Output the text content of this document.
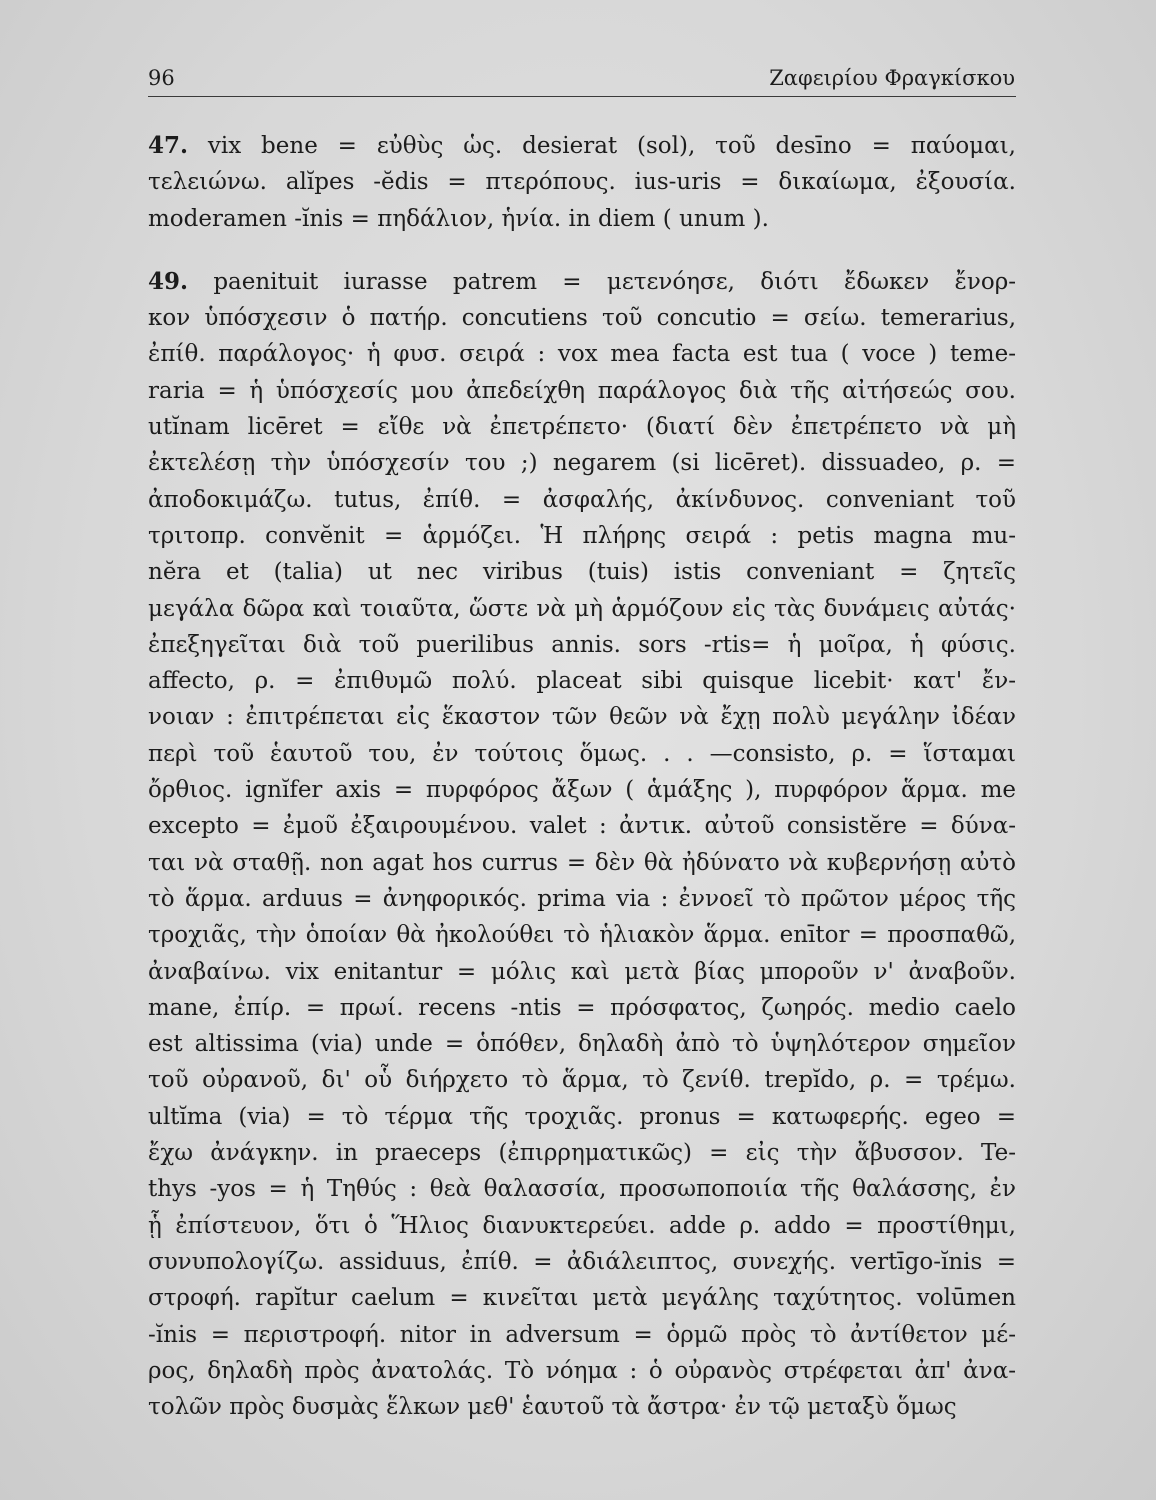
96	Ζαφειρίου Φραγκίσκου
47. vix bene = εὐθὺς ὡς. desierat (sol), τοῦ desīno = παύομαι,
τελειώνω. alĭpes -ĕdis = πτερόπους. ius-uris = δικαίωμα, ἐξουσία.
moderamen -ĭnis = πηδάλιον, ἡνία. in diem ( unum ).
49. paenituit iurasse patrem = μετενόησε, διότι ἔδωκεν ἔνορ-
κον ὑπόσχεσιν ὁ πατήρ. concutiens τοῦ concutio = σείω. temerarius,
ἐπίθ. παράλογος· ἡ φυσ. σειρά : vox mea facta est tua ( voce ) teme-
raria = ἡ ὑπόσχεσίς μου ἀπεδείχθη παράλογος διὰ τῆς αἰτήσεώς σου.
utĭnam licēret = εἴθε νὰ ἐπετρέπετο· (διατί δὲν ἐπετρέπετο νὰ μὴ
ἐκτελέσῃ τὴν ὑπόσχεσίν του ;) negarem (si licēret). dissuadeo, ρ. =
ἀποδοκιμάζω. tutus, ἐπίθ. = ἀσφαλής, ἀκίνδυνος. conveniant τοῦ
τριτοπρ. convĕnit = ἁρμόζει. Ἡ πλήρης σειρά : petis magna mu-
nĕra et (talia) ut nec viribus (tuis) istis conveniant = ζητεῖς
μεγάλα δῶρα καὶ τοιαῦτα, ὥστε νὰ μὴ ἁρμόζουν εἰς τὰς δυνάμεις αὐτάς·
ἐπεξηγεῖται διὰ τοῦ puerilibus annis. sors -rtis= ἡ μοῖρα, ἡ φύσις.
affecto, ρ. = ἐπιθυμῶ πολύ. placeat sibi quisque licebit· κατ' ἔν-
νοιαν : ἐπιτρέπεται εἰς ἕκαστον τῶν θεῶν νὰ ἔχῃ πολὺ μεγάλην ἰδέαν
περὶ τοῦ ἑαυτοῦ του, ἐν τούτοις ὅμως. . . —consisto, ρ. = ἵσταμαι
ὄρθιος. ignĭfer axis = πυρφόρος ἄξων ( ἁμάξης ), πυρφόρον ἅρμα. me
excepto = ἐμοῦ ἐξαιρουμένου. valet : ἀντικ. αὐτοῦ consistĕre = δύνα-
ται νὰ σταθῇ. non agat hos currus = δὲν θὰ ἠδύνατο νὰ κυβερνήσῃ αὐτὸ
τὸ ἅρμα. arduus = ἀνηφορικός. prima via : ἐννοεῖ τὸ πρῶτον μέρος τῆς
τροχιᾶς, τὴν ὁποίαν θὰ ἠκολούθει τὸ ἡλιακὸν ἅρμα. enītor = προσπαθῶ,
ἀναβαίνω. vix enitantur = μόλις καὶ μετὰ βίας μποροῦν ν' ἀναβοῦν.
mane, ἐπίρ. = πρωί. recens -ntis = πρόσφατος, ζωηρός. medio caelo
est altissima (via) unde = ὁπόθεν, δηλαδὴ ἀπὸ τὸ ὑψηλότερον σημεῖον
τοῦ οὐρανοῦ, δι' οὗ διήρχετο τὸ ἅρμα, τὸ ζενίθ. trepĭdo, ρ. = τρέμω.
ultĭma (via) = τὸ τέρμα τῆς τροχιᾶς. pronus = κατωφερής. egeo =
ἔχω ἀνάγκην. in praeceps (ἐπιρρηματικῶς) = εἰς τὴν ἄβυσσον. Te-
thys -yos = ἡ Τηθύς : θεὰ θαλασσία, προσωποποιία τῆς θαλάσσης, ἐν
ᾗ ἐπίστευον, ὅτι ὁ Ἥλιος διανυκτερεύει. adde ρ. addo = προστίθημι,
συνυπολογίζω. assiduus, ἐπίθ. = ἀδιάλειπτος, συνεχής. vertīgo-ĭnis =
στροφή. rapĭtur caelum = κινεῖται μετὰ μεγάλης ταχύτητος. volūmen
-ĭnis = περιστροφή. nitor in adversum = ὁρμῶ πρὸς τὸ ἀντίθετον μέ-
ρος, δηλαδὴ πρὸς ἀνατολάς. Τὸ νόημα : ὁ οὐρανὸς στρέφεται ἀπ' ἀνα-
τολῶν πρὸς δυσμὰς ἕλκων μεθ' ἑαυτοῦ τὰ ἄστρα· ἐν τῷ μεταξὺ ὅμως
